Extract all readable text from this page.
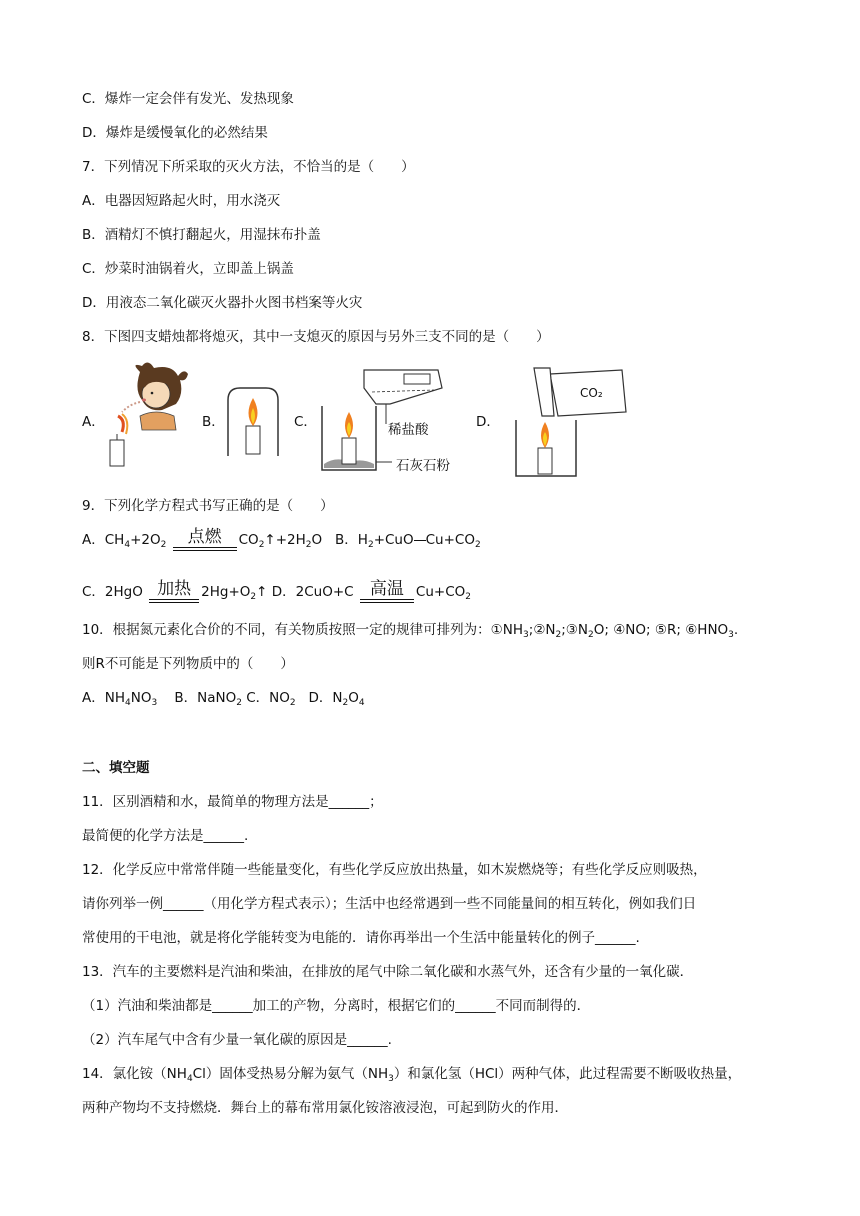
C．爆炸一定会伴有发光、发热现象
D．爆炸是缓慢氧化的必然结果
7．下列情况下所采取的灭火方法，不恰当的是（　　）
A．电器因短路起火时，用水浇灭
B．酒精灯不慎打翻起火，用湿抹布扑盖
C．炒菜时油锅着火，立即盖上锅盖
D．用液态二氧化碳灭火器扑火图书档案等火灾
8．下图四支蜡烛都将熄灭，其中一支熄灭的原因与另外三支不同的是（　　）
A．	B．	C．	稀盐酸
石灰石粉
D．
CO₂
9．下列化学方程式书写正确的是（　　）
A．$CH_4+2O_2$	点燃	$CO_2↑+2H_2O$   B．$H_2+CuO$ $Cu+CO_2$
C．2HgO 加热 $2Hg+O_2↑$ D．2CuO+C 高温 $Cu+CO_2$
10．根据氮元素化合价的不同，有关物质按照一定的规律可排列为：$①NH_3;②N_2;③N_2O$; ④NO; ⑤R; $⑥HNO_3$.
则R不可能是下列物质中的（　　）
A．$NH_4NO_3$    B．NaNO$_2$ C．$NO_2$   D．$N_2O_4$
二、填空题
11．区别酒精和水，最简单的物理方法是______；
最简便的化学方法是______.
12．化学反应中常常伴随一些能量变化，有些化学反应放出热量，如木炭燃烧等；有些化学反应则吸热，
请你列举一例______（用化学方程式表示）；生活中也经常遇到一些不同能量间的相互转化，例如我们日
常使用的干电池，就是将化学能转变为电能的．请你再举出一个生活中能量转化的例子______.
13．汽车的主要燃料是汽油和柴油，在排放的尾气中除二氧化碳和水蒸气外，还含有少量的一氧化碳．
（1）汽油和柴油都是______加工的产物，分离时，根据它们的______不同而制得的．
（2）汽车尾气中含有少量一氧化碳的原因是______.
14．氯化铵$(NH_4Cl)$固体受热易分解为氨气$(NH_3)$和氯化氢（HCl）两种气体，此过程需要不断吸收热量，
两种产物均不支持燃烧．舞台上的幕布常用氯化铵溶液浸泡，可起到防火的作用．
